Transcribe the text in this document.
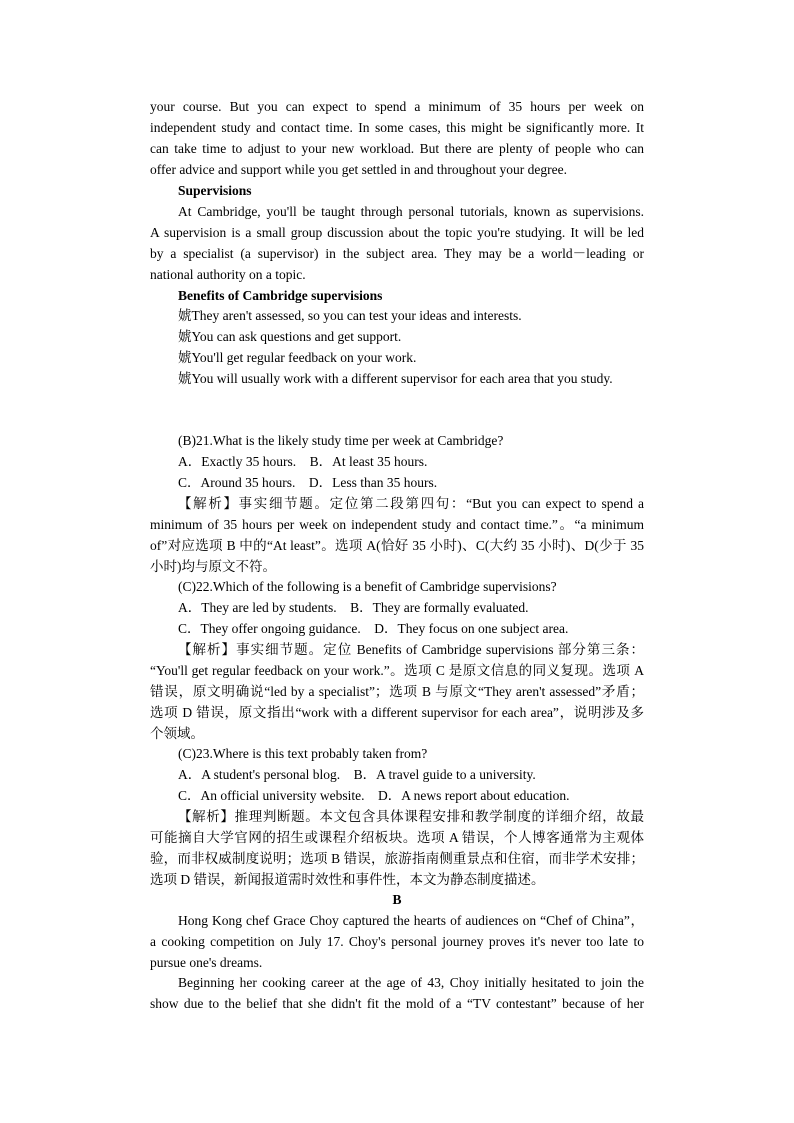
your course. But you can expect to spend a minimum of 35 hours per week on
independent study and contact time. In some cases, this might be significantly more. It
can take time to adjust to your new workload. But there are plenty of people who can
offer advice and support while you get settled in and throughout your degree.
Supervisions
At Cambridge, you'll be taught through personal tutorials, known as supervisions.
A supervision is a small group discussion about the topic you're studying. It will be led
by a specialist (a supervisor) in the subject area. They may be a world－leading or
national authority on a topic.
Benefits of Cambridge supervisions
婋They aren't assessed, so you can test your ideas and interests.
婋You can ask questions and get support.
婋You'll get regular feedback on your work.
婋You will usually work with a different supervisor for each area that you study.
(B)21.What is the likely study time per week at Cambridge?
A．Exactly 35 hours.　B．At least 35 hours.
C．Around 35 hours.　D．Less than 35 hours.
【解析】事实细节题。定位第二段第四句：“But you can expect to spend a
minimum of 35 hours per week on independent study and contact time.”。“a minimum
of”对应选项 B 中的“At least”。选项 A(恰好 35 小时)、C(大约 35 小时)、D(少于 35
小时)均与原文不符。
(C)22.Which of the following is a benefit of Cambridge supervisions?
A．They are led by students.　B．They are formally evaluated.
C．They offer ongoing guidance.　D．They focus on one subject area.
【解析】事实细节题。定位 Benefits of Cambridge supervisions 部分第三条：
“You'll get regular feedback on your work.”。选项 C 是原文信息的同义复现。选项 A
错误，原文明确说“led by a specialist”；选项 B 与原文“They aren't assessed”矛盾；
选项 D 错误，原文指出“work with a different supervisor for each area”，说明涉及多
个领域。
(C)23.Where is this text probably taken from?
A．A student's personal blog.　B．A travel guide to a university.
C．An official university website.　D．A news report about education.
【解析】推理判断题。本文包含具体课程安排和教学制度的详细介绍，故最
可能摘自大学官网的招生或课程介绍板块。选项 A 错误，个人博客通常为主观体
验，而非权威制度说明；选项 B 错误，旅游指南侧重景点和住宿，而非学术安排；
选项 D 错误，新闻报道需时效性和事件性，本文为静态制度描述。
B
Hong Kong chef Grace Choy captured the hearts of audiences on “Chef of China”，
a cooking competition on July 17. Choy's personal journey proves it's never too late to
pursue one's dreams.
Beginning her cooking career at the age of 43, Choy initially hesitated to join the
show due to the belief that she didn't fit the mold of a “TV contestant” because of her
